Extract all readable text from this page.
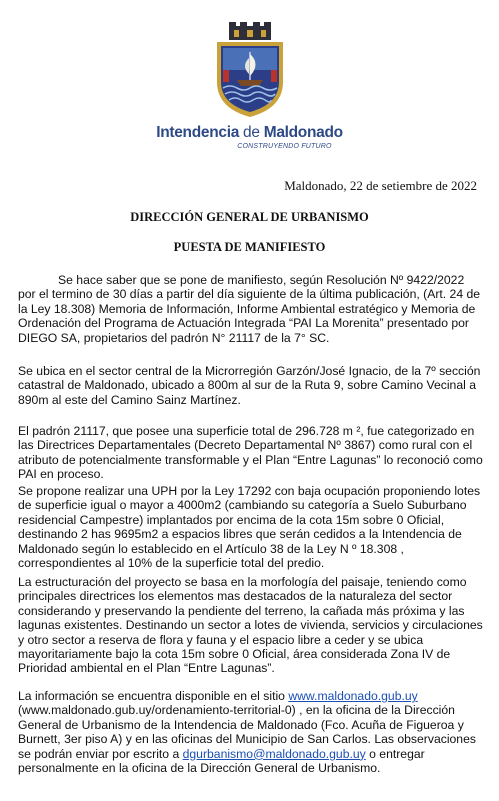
Intendencia de Maldonado
CONSTRUYENDO FUTURO
Maldonado, 22 de setiembre de 2022
DIRECCIÓN GENERAL DE URBANISMO
PUESTA DE MANIFIESTO

Se hace saber que se pone de manifiesto, según Resolución Nº 9422/2022 por el termino de 30 días a partir del día siguiente de la última publicación, (Art. 24 de la Ley 18.308) Memoria de Información, Informe Ambiental estratégico y Memoria de Ordenación del Programa de Actuación Integrada “PAI La Morenita” presentado por DIEGO SA, propietarios del padrón N° 21117 de la 7° SC.

Se ubica en el sector central de la Microrregión Garzón/José Ignacio, de la 7º sección catastral de Maldonado, ubicado a 800m al sur de la Ruta 9, sobre Camino Vecinal a 890m al este del Camino Sainz Martínez.

El padrón 21117, que posee una superficie total de 296.728 m ², fue categorizado en las Directrices Departamentales (Decreto Departamental Nº 3867) como rural con el atributo de potencialmente transformable y el Plan “Entre Lagunas” lo reconoció como PAI en proceso.

Se propone realizar una UPH por la Ley 17292 con baja ocupación proponiendo lotes de superficie igual o mayor a 4000m2 (cambiando su categoría a Suelo Suburbano residencial Campestre) implantados por encima de la cota 15m sobre 0 Oficial, destinando 2 has 9695m2 a espacios libres que serán cedidos a la Intendencia de Maldonado según lo establecido en el Artículo 38 de la Ley N º 18.308 , correspondientes al 10% de la superficie total del predio.

La estructuración del proyecto se basa en la morfología del paisaje, teniendo como principales directrices los elementos mas destacados de la naturaleza del sector considerando y preservando la pendiente del terreno, la cañada más próxima y las lagunas existentes. Destinando un sector a lotes de vivienda, servicios y circulaciones y otro sector a reserva de flora y fauna y el espacio libre a ceder y se ubica mayoritariamente bajo la cota 15m sobre 0 Oficial, área considerada Zona IV de Prioridad ambiental en el Plan “Entre Lagunas”.

La información se encuentra disponible en el sitio www.maldonado.gub.uy (www.maldonado.gub.uy/ordenamiento-territorial-0) , en la oficina de la Dirección General de Urbanismo de la Intendencia de Maldonado (Fco. Acuña de Figueroa y Burnett, 3er piso A) y en las oficinas del Municipio de San Carlos. Las observaciones se podrán enviar por escrito a dgurbanismo@maldonado.gub.uy o entregar personalmente en la oficina de la Dirección General de Urbanismo.
